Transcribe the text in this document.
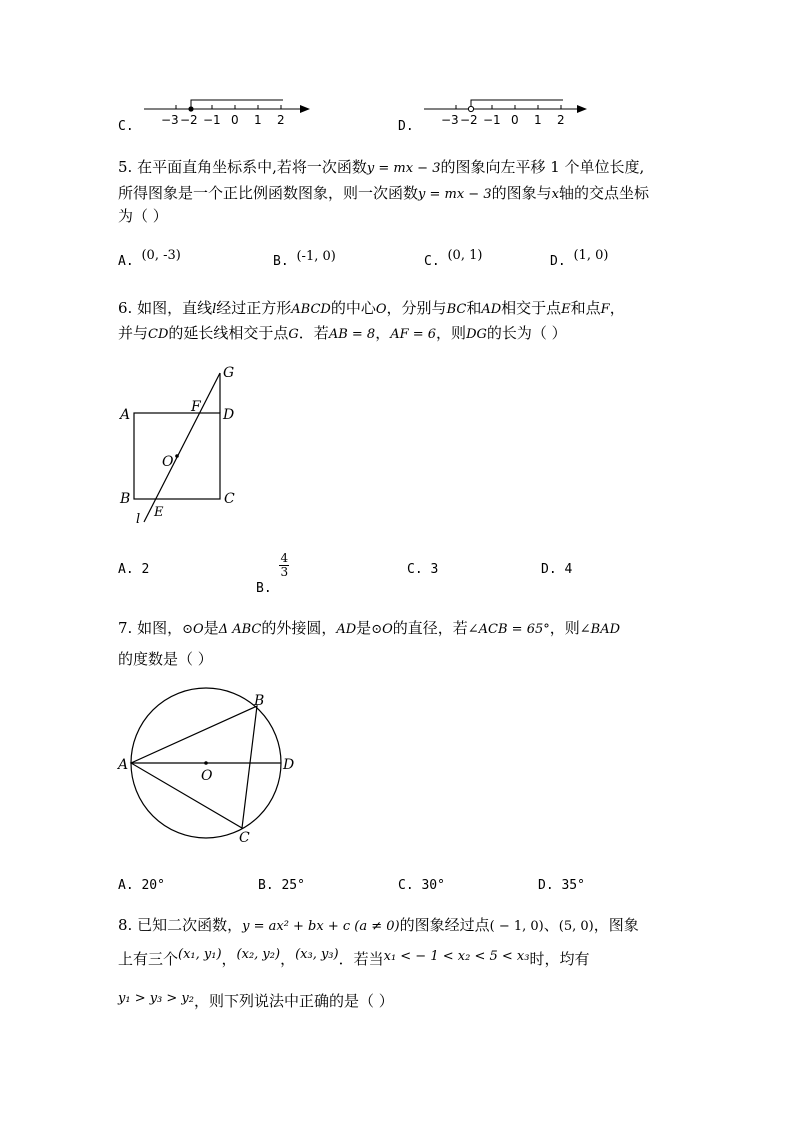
C. −3 −2 −1 0 1 2	D. −3 −2 −1 0 1 2
5. 在平面直角坐标系中,若将一次函数y = mx − 3的图象向左平移 1 个单位长度,
所得图象是一个正比例函数图象，则一次函数y = mx − 3的图象与x轴的交点坐标
为（ ）
A. (0, -3)	B. (-1, 0)	C. (0, 1)	D. (1, 0)
6. 如图，直线l经过正方形ABCD的中心O，分别与BC和AD相交于点E和点F，
并与CD的延长线相交于点G．若AB = 8，AF = 6，则DG的长为（ ）
A
B	C
D
G
F
O
E
l
A. 2
B.
$\frac{4}{3}$	C. 3	D. 4
7. 如图，⊙O是Δ ABC的外接圆，AD是⊙O的直径，若∠ACB = 65°，则∠BAD
的度数是（ ）
A
B
C
D
O
A. 20°	B. 25°	C. 30°	D. 35°
8. 已知二次函数，y = ax² + bx + c (a ≠ 0)的图象经过点( − 1, 0)、(5, 0)，图象
上有三个(x₁, y₁)，(x₂, y₂)，(x₃, y₃)．若当x₁ < − 1 < x₂ < 5 < x₃时，均有
y₁ > y₃ > y₂，则下列说法中正确的是（ ）
